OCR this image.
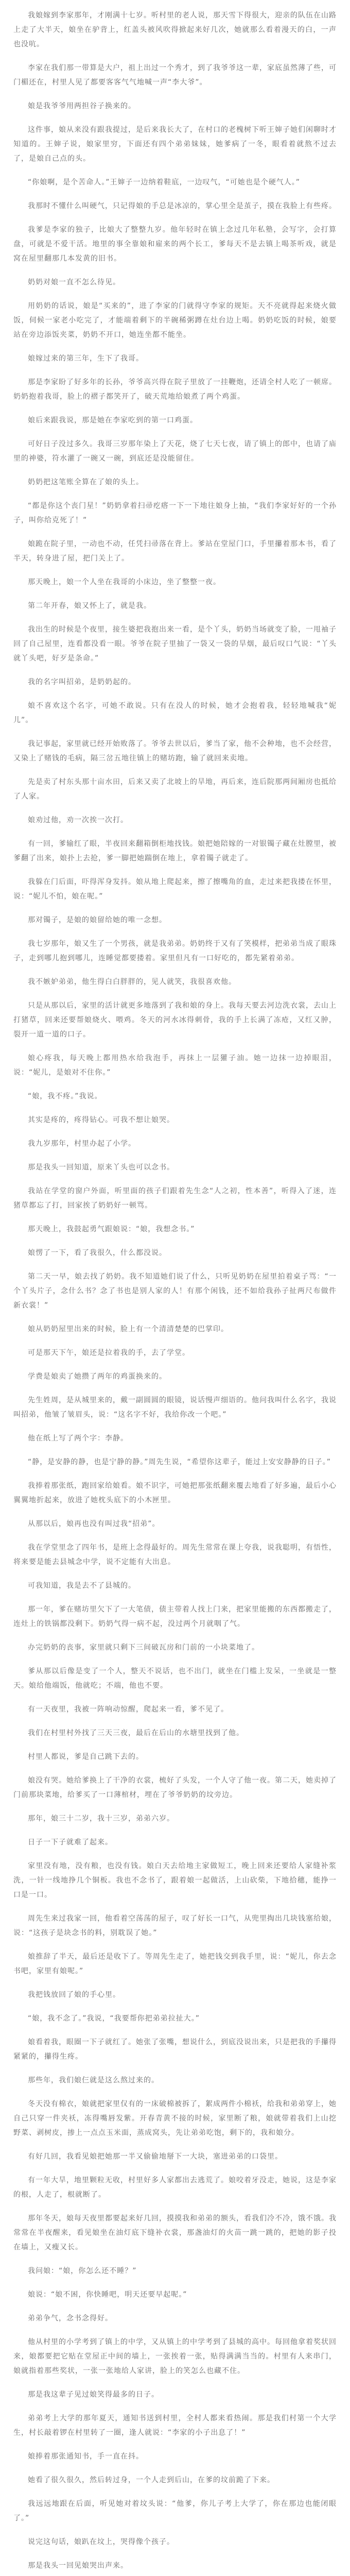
我娘嫁到李家那年，才刚满十七岁。听村里的老人说，那天雪下得很大，迎亲的队伍在山路上走了大半天，娘坐在驴背上，红盖头被风吹得掀起来好几次，她就那么看着漫天的白，一声也没吭。

李家在我们那一带算是大户，祖上出过一个秀才，到了我爷爷这一辈，家底虽然薄了些，可门楣还在，村里人见了都要客客气气地喊一声“李大爷”。

娘是我爷爷用两担谷子换来的。

这件事，娘从来没有跟我提过，是后来我长大了，在村口的老槐树下听王婶子她们闲聊时才知道的。王婶子说，娘家里穷，下面还有四个弟弟妹妹，她爹病了一冬，眼看着就熬不过去了，是娘自己点的头。

“你娘啊，是个苦命人。”王婶子一边纳着鞋底，一边叹气，“可她也是个硬气人。”

我那时不懂什么叫硬气，只记得娘的手总是冰凉的，掌心里全是茧子，摸在我脸上有些疼。

我爹是李家的独子，比娘大了整整九岁。他年轻时在镇上念过几年私塾，会写字，会打算盘，可就是不爱干活。地里的事全靠娘和雇来的两个长工，爹每天不是去镇上喝茶听戏，就是窝在屋里翻那几本发黄的旧书。

奶奶对娘一直不怎么待见。

用奶奶的话说，娘是“买来的”，进了李家的门就得守李家的规矩。天不亮就得起来烧火做饭，伺候一家老小吃完了，才能端着剩下的半碗稀粥蹲在灶台边上喝。奶奶吃饭的时候，娘要站在旁边添饭夹菜，奶奶不开口，她连坐都不能坐。

娘嫁过来的第三年，生下了我哥。

那是李家盼了好多年的长孙，爷爷高兴得在院子里放了一挂鞭炮，还请全村人吃了一顿席。奶奶抱着我哥，脸上的褶子都笑开了，破天荒地给娘煮了两个鸡蛋。

娘后来跟我说，那是她在李家吃到的第一口鸡蛋。

可好日子没过多久。我哥三岁那年染上了天花，烧了七天七夜，请了镇上的郎中，也请了庙里的神婆，符水灌了一碗又一碗，到底还是没能留住。

奶奶把这笔账全算在了娘的头上。

“都是你这个丧门星！”奶奶拿着扫帚疙瘩一下一下地往娘身上抽，“我们李家好好的一个孙子，叫你给克死了！”

娘跪在院子里，一动也不动，任凭扫帚落在背上。爹站在堂屋门口，手里攥着那本书，看了半天，转身进了屋，把门关上了。

那天晚上，娘一个人坐在我哥的小床边，坐了整整一夜。

第二年开春，娘又怀上了，就是我。

我出生的时候是个夜里，接生婆把我抱出来一看，是个丫头，奶奶当场就变了脸，一甩袖子回了自己屋里，连看都没看一眼。爷爷在院子里抽了一袋又一袋的旱烟，最后叹口气说：“丫头就丫头吧，好歹是条命。”

我的名字叫招弟，是奶奶起的。

娘不喜欢这个名字，可她不敢说。只有在没人的时候，她才会抱着我，轻轻地喊我“妮儿”。

我记事起，家里就已经开始败落了。爷爷去世以后，爹当了家，他不会种地，也不会经营，又染上了赌钱的毛病，隔三岔五地往镇上的赌坊跑，输了就回来卖地。

先是卖了村东头那十亩水田，后来又卖了北坡上的旱地，再后来，连后院那两间厢房也抵给了人家。

娘劝过他，劝一次挨一次打。

有一回，爹输红了眼，半夜回来翻箱倒柜地找钱。娘把她陪嫁的一对银镯子藏在灶膛里，被爹翻了出来，娘扑上去抢，爹一脚把她踹倒在地上，拿着镯子就走了。

我躲在门后面，吓得浑身发抖。娘从地上爬起来，擦了擦嘴角的血，走过来把我搂在怀里，说：“妮儿不怕，娘在呢。”

那对镯子，是娘的娘留给她的唯一念想。

我七岁那年，娘又生了一个男孩，就是我弟弟。奶奶终于又有了笑模样，把弟弟当成了眼珠子，走到哪儿抱到哪儿，连睡觉都要搂着。家里但凡有一口好吃的，都先紧着弟弟。

我不嫉妒弟弟，他生得白白胖胖的，见人就笑，我很喜欢他。

只是从那以后，家里的活计就更多地落到了我和娘的身上。我每天要去河边洗衣裳，去山上打猪草，回来还要帮娘烧火、喂鸡。冬天的河水冰得刺骨，我的手上长满了冻疮，又红又肿，裂开一道一道的口子。

娘心疼我，每天晚上都用热水给我泡手，再抹上一层獾子油。她一边抹一边掉眼泪，说：“妮儿，是娘对不住你。”

“娘，我不疼。”我说。

其实是疼的，疼得钻心。可我不想让娘哭。

我九岁那年，村里办起了小学。

那是我头一回知道，原来丫头也可以念书。

我站在学堂的窗户外面，听里面的孩子们跟着先生念“人之初，性本善”，听得入了迷，连猪草都忘了打，回家挨了奶奶好一顿骂。

那天晚上，我鼓起勇气跟娘说：“娘，我想念书。”

娘愣了一下，看了我很久，什么都没说。

第二天一早，娘去找了奶奶。我不知道她们说了什么，只听见奶奶在屋里拍着桌子骂：“一个丫头片子，念什么书？念了书也是别人家的人！有那个闲钱，还不如给我孙子扯两尺布做件新衣裳！”

娘从奶奶屋里出来的时候，脸上有一个清清楚楚的巴掌印。

可是那天下午，娘还是拉着我的手，去了学堂。

学费是娘卖了她攒了两年的鸡蛋换来的。

先生姓周，是从城里来的，戴一副圆圆的眼镜，说话慢声细语的。他问我叫什么名字，我说叫招弟，他皱了皱眉头，说：“这名字不好，我给你改一个吧。”

他在纸上写了两个字：李静。

“静，是安静的静，也是宁静的静。”周先生说，“希望你这辈子，能过上安安静静的日子。”

我捧着那张纸，跑回家给娘看。娘不识字，可她把那张纸翻来覆去地看了好多遍，最后小心翼翼地折起来，放进了她枕头底下的小木匣里。

从那以后，娘再也没有叫过我“招弟”。

我在学堂里念了四年书，是班上念得最好的。周先生常常在课上夸我，说我聪明，有悟性，将来要是能去县城念中学，说不定能有大出息。

可我知道，我是去不了县城的。

那一年，爹在赌坊里欠下了一大笔债，债主带着人找上门来，把家里能搬的东西都搬走了，连灶上的铁锅都没剩下。奶奶气得一病不起，没过两个月就咽了气。

办完奶奶的丧事，家里就只剩下三间破瓦房和门前的一小块菜地了。

爹从那以后像是变了一个人，整天不说话，也不出门，就坐在门槛上发呆，一坐就是一整天。娘给他端饭，他就吃；不端，他也不要。

有一天夜里，我被一阵响动惊醒，爬起来一看，爹不见了。

我们在村里村外找了三天三夜，最后在后山的水塘里找到了他。

村里人都说，爹是自己跳下去的。

娘没有哭。她给爹换上了干净的衣裳，梳好了头发，一个人守了他一夜。第二天，她卖掉了门前那块菜地，给爹买了一口薄棺材，埋在了爷爷奶奶的坟旁边。

那年，娘三十二岁，我十三岁，弟弟六岁。

日子一下子就难了起来。

家里没有地，没有粮，也没有钱。娘白天去给地主家做短工，晚上回来还要给人家缝补浆洗，一针一线地挣几个铜板。我也不念书了，跟着娘一起做活，上山砍柴，下地拾穗，能挣一口是一口。

周先生来过我家一回，他看着空荡荡的屋子，叹了好长一口气，从兜里掏出几块钱塞给娘，说：“这孩子是块念书的料，别耽误了她。”

娘推辞了半天，最后还是收下了。等周先生走了，她把钱交到我手里，说：“妮儿，你去念书吧，家里有娘呢。”

我把钱放回了娘的手心里。

“娘，我不念了。”我说，“我要帮你把弟弟拉扯大。”

娘看着我，眼圈一下子就红了。她张了张嘴，想说什么，到底没说出来，只是把我的手攥得紧紧的，攥得生疼。

那些年，我们娘仨就是这么熬过来的。

冬天没有棉衣，娘就把家里仅有的一床破棉被拆了，絮成两件小棉袄，给我和弟弟穿上，她自己只穿一件夹袄，冻得嘴唇发紫。开春青黄不接的时候，家里断了粮，娘就带着我们上山挖野菜、剥树皮，掺上一点点玉米面，蒸成窝头，先让弟弟吃饱，剩下的，我和娘分。

有好几回，我看见娘把她那一半又偷偷地掰下一大块，塞进弟弟的口袋里。

有一年大旱，地里颗粒无收，村里好多人家都出去逃荒了。娘咬着牙没走，她说，这是李家的根，人走了，根就断了。

那年冬天，娘每天夜里都要起来好几回，摸摸我和弟弟的额头，看我们冷不冷，饿不饿。我常常在半夜醒来，看见娘坐在油灯底下缝补衣裳，那盏油灯的火苗一跳一跳的，把她的影子投在墙上，又瘦又长。

我问娘：“娘，你怎么还不睡？”

娘说：“娘不困，你快睡吧，明天还要早起呢。”

弟弟争气，念书念得好。

他从村里的小学考到了镇上的中学，又从镇上的中学考到了县城的高中。每回他拿着奖状回来，娘都要把它贴在堂屋正中间的墙上，一张挨着一张，贴得满满当当的。村里有人来串门，娘就指着那些奖状，一张一张地给人家讲，脸上的笑怎么也藏不住。

那是我这辈子见过娘笑得最多的日子。

弟弟考上大学的那年夏天，通知书送到村里，全村人都来看热闹。那是我们村第一个大学生，村长敲着锣在村里转了一圈，逢人就说：“李家的小子出息了！”

娘捧着那张通知书，手一直在抖。

她看了很久很久，然后转过身，一个人走到后山，在爹的坟前跪了下来。

我远远地跟在后面，听见她对着坟头说：“他爹，你儿子考上大学了，你在那边也能闭眼了。”

说完这句话，娘趴在坟上，哭得像个孩子。

那是我头一回见娘哭出声来。
